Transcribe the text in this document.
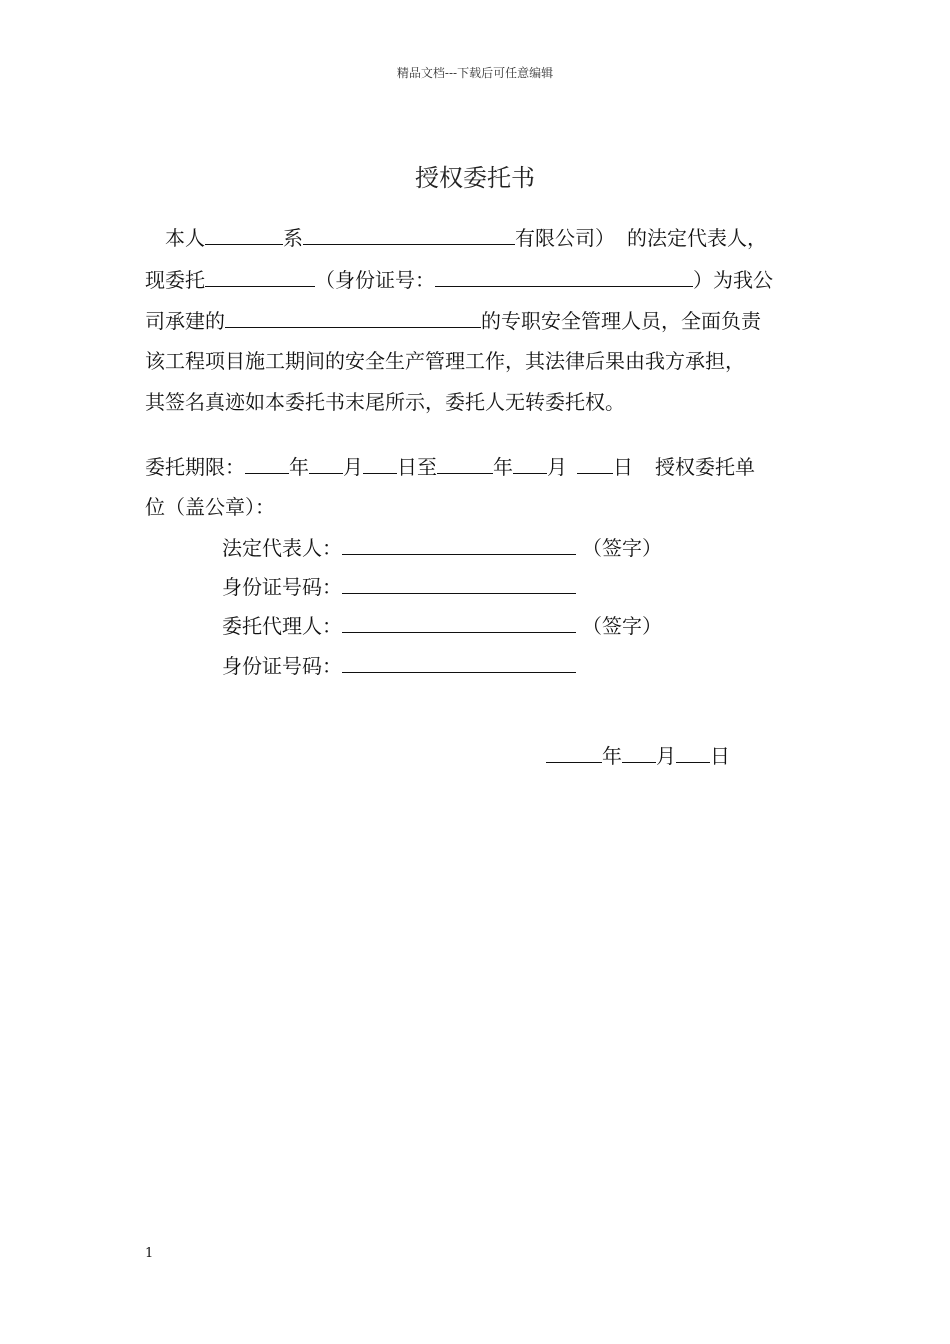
精品文档---下载后可任意编辑
授权委托书
本人	系	有限公司） 的法定代表人，
现委托	（身份证号：	）为我公
司承建的	的专职安全管理人员，全面负责
该工程项目施工期间的安全生产管理工作，其法律后果由我方承担，
其签名真迹如本委托书末尾所示，委托人无转委托权。
委托期限： 年 月 日至	年 月 日 授权委托单
位（盖公章）：
法定代表人：	（签字）
身份证号码：
委托代理人：	（签字）
身份证号码：
年 月 日
1
